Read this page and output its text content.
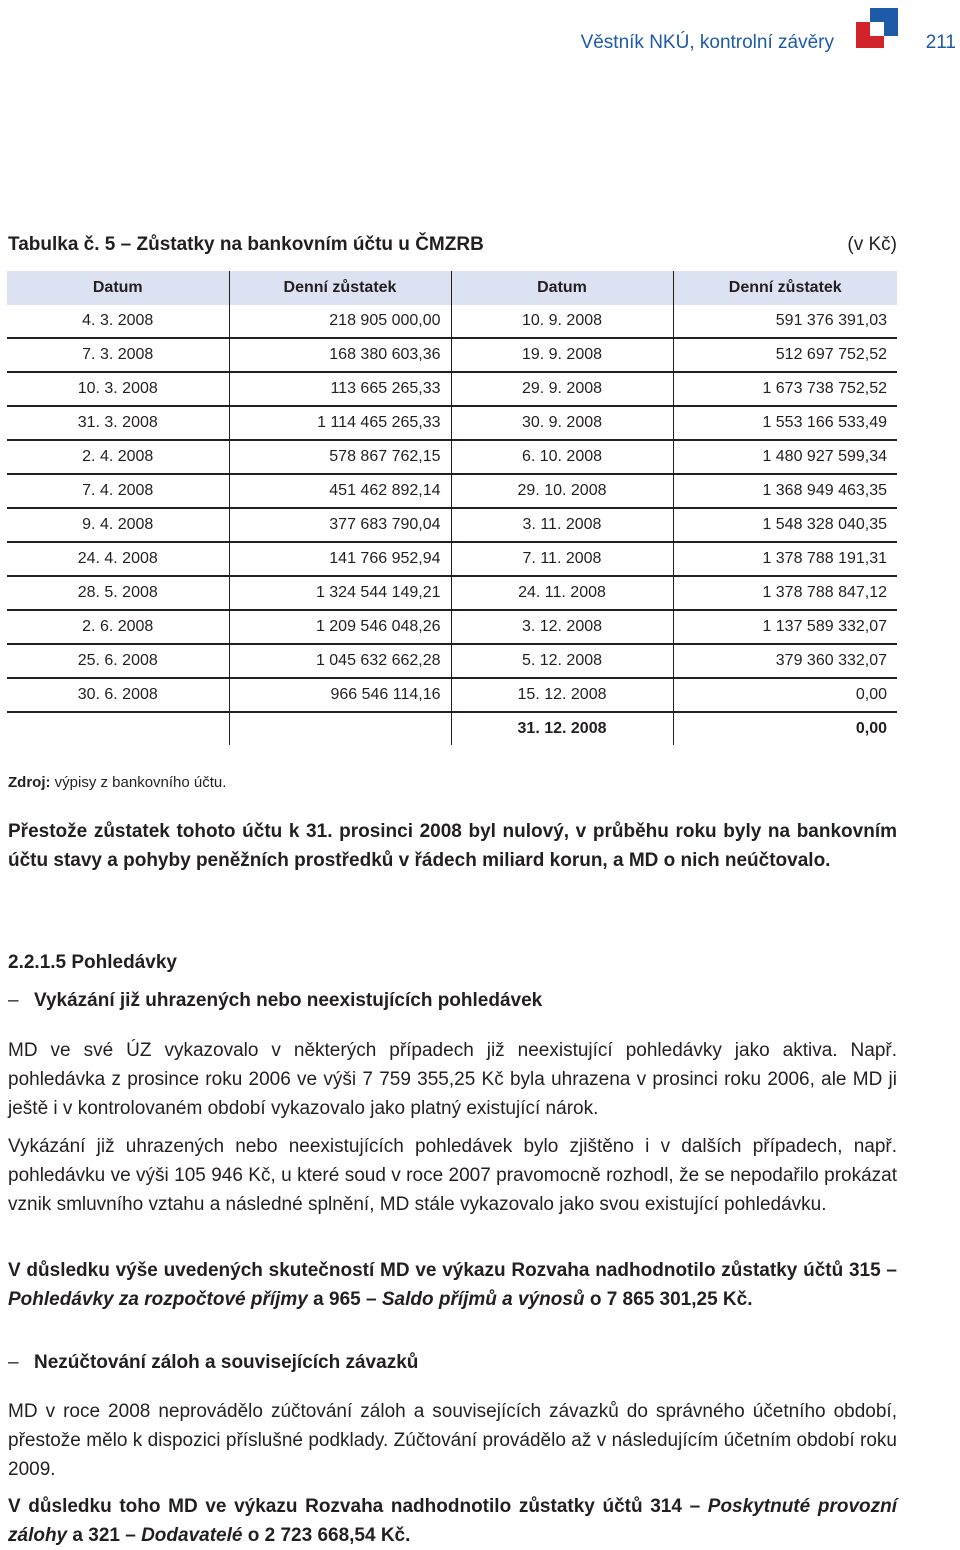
Věstník NKÚ, kontrolní závěry	211
Tabulka č. 5 – Zůstatky na bankovním účtu u ČMZRB	(v Kč)
Datum	Denní zůstatek	Datum	Denní zůstatek
4. 3. 2008	218 905 000,00	10. 9. 2008	591 376 391,03
7. 3. 2008	168 380 603,36	19. 9. 2008	512 697 752,52
10. 3. 2008	113 665 265,33	29. 9. 2008	1 673 738 752,52
31. 3. 2008	1 114 465 265,33	30. 9. 2008	1 553 166 533,49
2. 4. 2008	578 867 762,15	6. 10. 2008	1 480 927 599,34
7. 4. 2008	451 462 892,14	29. 10. 2008	1 368 949 463,35
9. 4. 2008	377 683 790,04	3. 11. 2008	1 548 328 040,35
24. 4. 2008	141 766 952,94	7. 11. 2008	1 378 788 191,31
28. 5. 2008	1 324 544 149,21	24. 11. 2008	1 378 788 847,12
2. 6. 2008	1 209 546 048,26	3. 12. 2008	1 137 589 332,07
25. 6. 2008	1 045 632 662,28	5. 12. 2008	379 360 332,07
30. 6. 2008	966 546 114,16	15. 12. 2008	0,00
		31. 12. 2008	0,00
Zdroj: výpisy z bankovního účtu.
Přestože zůstatek tohoto účtu k 31. prosinci 2008 byl nulový, v průběhu roku byly na bankovním účtu stavy a pohyby peněžních prostředků v řádech miliard korun, a MD o nich neúčtovalo.
2.2.1.5 Pohledávky
– Vykázání již uhrazených nebo neexistujících pohledávek
MD ve své ÚZ vykazovalo v některých případech již neexistující pohledávky jako aktiva. Např. pohledávka z prosince roku 2006 ve výši 7 759 355,25 Kč byla uhrazena v prosinci roku 2006, ale MD ji ještě i v kontrolovaném období vykazovalo jako platný existující nárok.
Vykázání již uhrazených nebo neexistujících pohledávek bylo zjištěno i v dalších případech, např. pohledávku ve výši 105 946 Kč, u které soud v roce 2007 pravomocně rozhodl, že se nepodařilo prokázat vznik smluvního vztahu a následné splnění, MD stále vykazovalo jako svou existující pohledávku.
V důsledku výše uvedených skutečností MD ve výkazu Rozvaha nadhodnotilo zůstatky účtů 315 – Pohledávky za rozpočtové příjmy a 965 – Saldo příjmů a výnosů o 7 865 301,25 Kč.
– Nezúčtování záloh a souvisejících závazků
MD v roce 2008 neprovádělo zúčtování záloh a souvisejících závazků do správného účetního období, přestože mělo k dispozici příslušné podklady. Zúčtování provádělo až v následujícím účetním období roku 2009.
V důsledku toho MD ve výkazu Rozvaha nadhodnotilo zůstatky účtů 314 – Poskytnuté provozní zálohy a 321 – Dodavatelé o 2 723 668,54 Kč.
